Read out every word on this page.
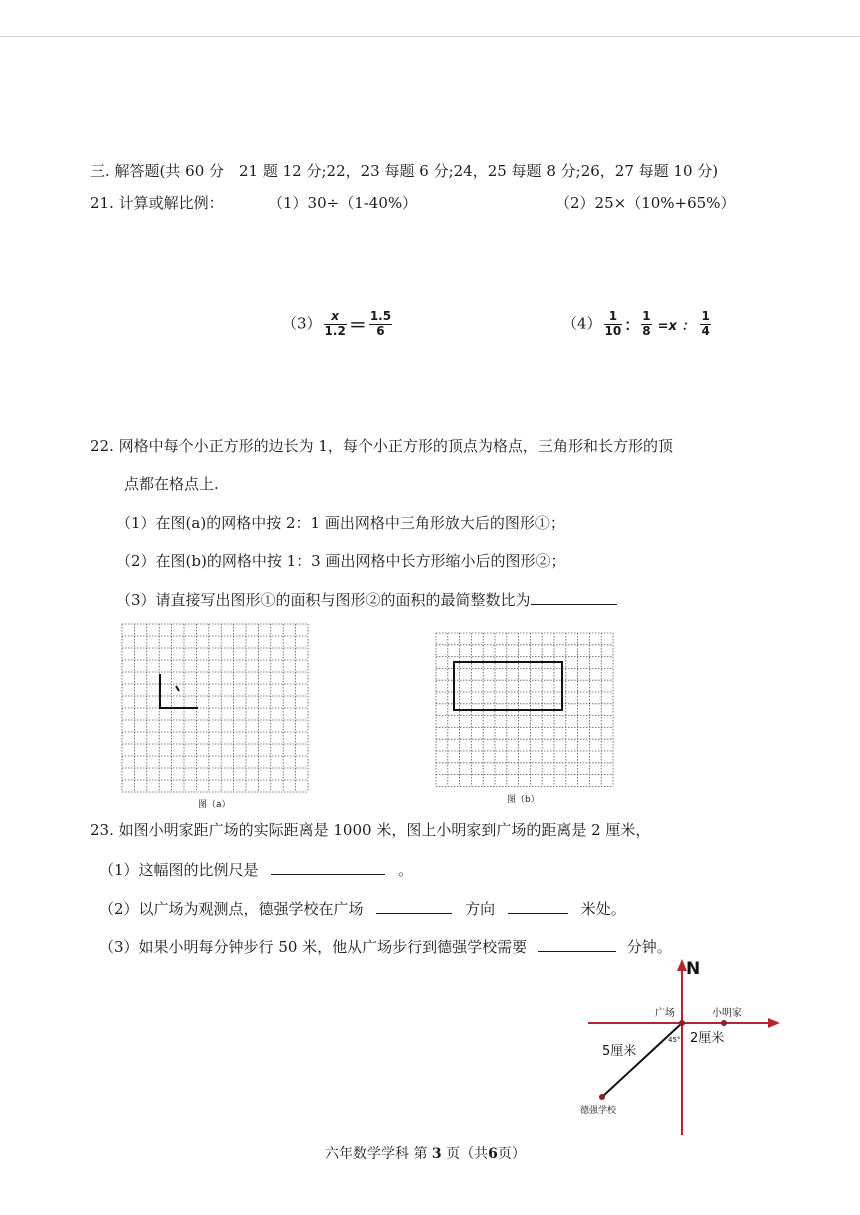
三. 解答题(共 60 分　21 题 12 分;22，23 每题 6 分;24，25 每题 8 分;26，27 每题 10 分)
21. 计算或解比例：	（1）30÷（1-40%）	（2）25×（10%+65%）
$(3) \frac{x}{1.2} = \frac{1.5}{6}$	$(4) \frac{1}{10}$ ： $\frac{1}{8} =x$ ： $\frac{1}{4}$
22. 网格中每个小正方形的边长为 1，每个小正方形的顶点为格点，三角形和长方形的顶
点都在格点上.
（1）在图(a)的网格中按 2：1 画出网格中三角形放大后的图形①；
（2）在图(b)的网格中按 1：3 画出网格中长方形缩小后的图形②；
（3）请直接写出图形①的面积与图形②的面积的最简整数比为
图（a）	图（b）
23. 如图小明家距广场的实际距离是 1000 米，图上小明家到广场的距离是 2 厘米，
（1）这幅图的比例尺是	。
（2）以广场为观测点，德强学校在广场	方向	米处。
（3）如果小明每分钟步行 50 米，他从广场步行到德强学校需要	分钟。
N
广场	小明家
2厘米
5厘米
45°
德强学校
六年数学学科 第 3 页（共6页）
